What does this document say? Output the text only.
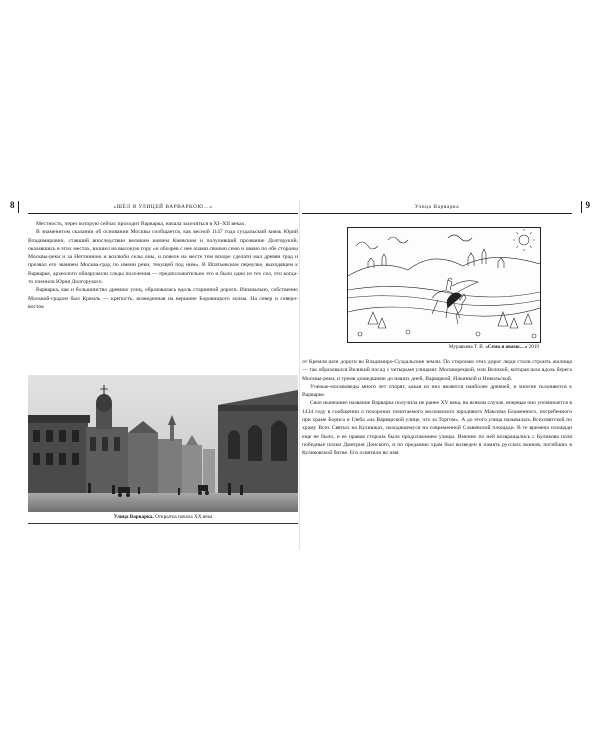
8	«ШЁЛ Я УЛИЦЕЙ ВАРВАРКОЮ…»

Местность, через которую сейчас проходит Варварка, начала заселяться в XI–XII веках.

В знаменитом сказании об основании Москвы сообщается, как весной 1147 года суздальский князь Юрий Владимирович, ставший впоследствии великим князем Киевским и получивший прозвание Долгорукий, оказавшись в этих местах, взошел на высокую гору «и обозрев с нее очами своими семо и овамо по обе стороны Москвы-реки и за Неглинною и возлюби селы оны, и повеле на месте том вскоре сделати мал древян град и прозвал его званием Москва-град по имени реки, текущей под ним». В Ипатьевском переулке, выходящем к Варварке, археологи обнаружили следы поселения — предположительно это и было одно из тех сел, что когда-то пленили Юрия Долгорукого.

Варварка, как и большинство древних улиц, образовалась вдоль старинной дороги. Изначально, собственно Москвой-градом был Кремль — крепость, возведенная на вершине Боровицкого холма. На север и северо-восток

Улица Варварка. Открытка начала XX века
Улица Варварка	9
Муравьева Т. В. «Семо и овамо…» 2019

от Кремля шли дороги во Владимиро-Суздальские земли. По сторонам этих дорог люди стали строить жилища — так образовался Великий посад с четырьмя улицами: Москворецкой, или Великой, которая шла вдоль берега Москвы-реки, и тремя дошедшими до наших дней, Варваркой, Ильинкой и Никольской.

Ученые-москвоведы много лет спорят, какая из них является наиболее древней, и многие склоняются к Варварке.

Свое нынешнее название Варварка получила не ранее XV века, во всяком случае, впервые оно упоминается в 1434 году в сообщении о похоронах почитаемого московского юродивого Максима Блаженного, погребенного при храме Бориса и Глеба «на Варварской улице, что за Торгом». А до этого улица называлась Всехсвятской по храму Всех Святых на Кулишках, находящемуся на современной Славянской площади. В те времена площади еще не было, и ее правая сторона была продолжением улицы. Именно по ней возвращались с Куликова поля победные полки Дмитрия Донского, и по преданию храм был возведен в память русских воинов, погибших в Куликовской битве. Его освятили во имя
